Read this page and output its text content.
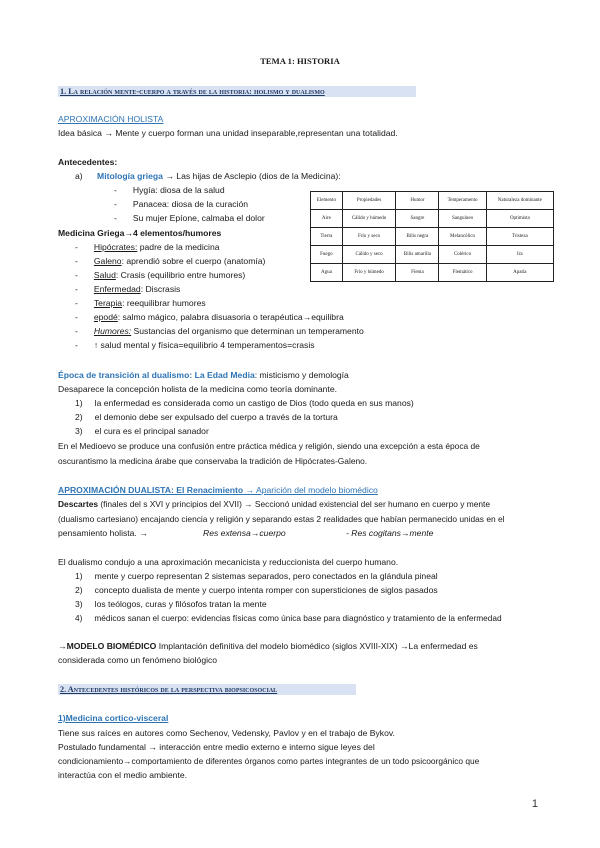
TEMA 1: HISTORIA
1. La relación mente-cuerpo a través de la historia: holismo y dualismo
APROXIMACIÓN HOLISTA
Idea básica → Mente y cuerpo forman una unidad inseparable,representan una totalidad.
Antecedentes:
a) Mitología griega → Las hijas de Asclepio (dios de la Medicina):
- Hygía: diosa de la salud
- Panacea: diosa de la curación
- Su mujer Epíone, calmaba el dolor
Medicina Griega→4 elementos/humores
- Hipócrates: padre de la medicina
- Galeno: aprendió sobre el cuerpo (anatomía)
- Salud: Crasis (equilibrio entre humores)
- Enfermedad: Discrasis
- Terapia: reequilibrar humores
- epodé: salmo mágico, palabra disuasoria o terapéutica→equilibra
- Humores: Sustancias del organismo que determinan un temperamento
- ↑ salud mental y física=equilibrio 4 temperamentos=crasis
Elemento	Propiedades	Humor	Temperamento	Naturaleza dominante
Aire	Cálido y húmedo	Sangre	Sanguíneo	Optimista
Tierra	Frío y seco	Bilis negra	Melancólico	Tristeza
Fuego	Cálido y seco	Bilis amarilla	Colérico	Ira
Agua	Frío y húmedo	Flema	Flemático	Apatía
Época de transición al dualismo: La Edad Media: misticismo y demología
Desaparece la concepción holista de la medicina como teoría dominante.
1) la enfermedad es considerada como un castigo de Dios (todo queda en sus manos)
2) el demonio debe ser expulsado del cuerpo a través de la tortura
3) el cura es el principal sanador
En el Medioevo se produce una confusión entre práctica médica y religión, siendo una excepción a esta época de
oscurantismo la medicina árabe que conservaba la tradición de Hipócrates-Galeno.
APROXIMACIÓN DUALISTA: El Renacimiento → Aparición del modelo biomédico
Descartes (finales del s XVI y principios del XVII) → Seccionó unidad existencial del ser humano en cuerpo y mente
(dualismo cartesiano) encajando ciencia y religión y separando estas 2 realidades que habían permanecido unidas en el
pensamiento holista. →	Res extensa→cuerpo	- Res cogitans→mente
El dualismo condujo a una aproximación mecanicista y reduccionista del cuerpo humano.
1) mente y cuerpo representan 2 sistemas separados, pero conectados en la glándula pineal
2) concepto dualista de mente y cuerpo intenta romper con supersticiones de siglos pasados
3) los teólogos, curas y filósofos tratan la mente
4) médicos sanan el cuerpo: evidencias físicas como única base para diagnóstico y tratamiento de la enfermedad
→MODELO BIOMÉDICO Implantación definitiva del modelo biomédico (siglos XVIII-XIX) →La enfermedad es
considerada como un fenómeno biológico
2. Antecedentes históricos de la perspectiva biopsicosocial
1)Medicina cortico-visceral
Tiene sus raíces en autores como Sechenov, Vedensky, Pavlov y en el trabajo de Bykov.
Postulado fundamental → interacción entre medio externo e interno sigue leyes del
condicionamiento→comportamiento de diferentes órganos como partes integrantes de un todo psicoorgánico que
interactúa con el medio ambiente.
1
